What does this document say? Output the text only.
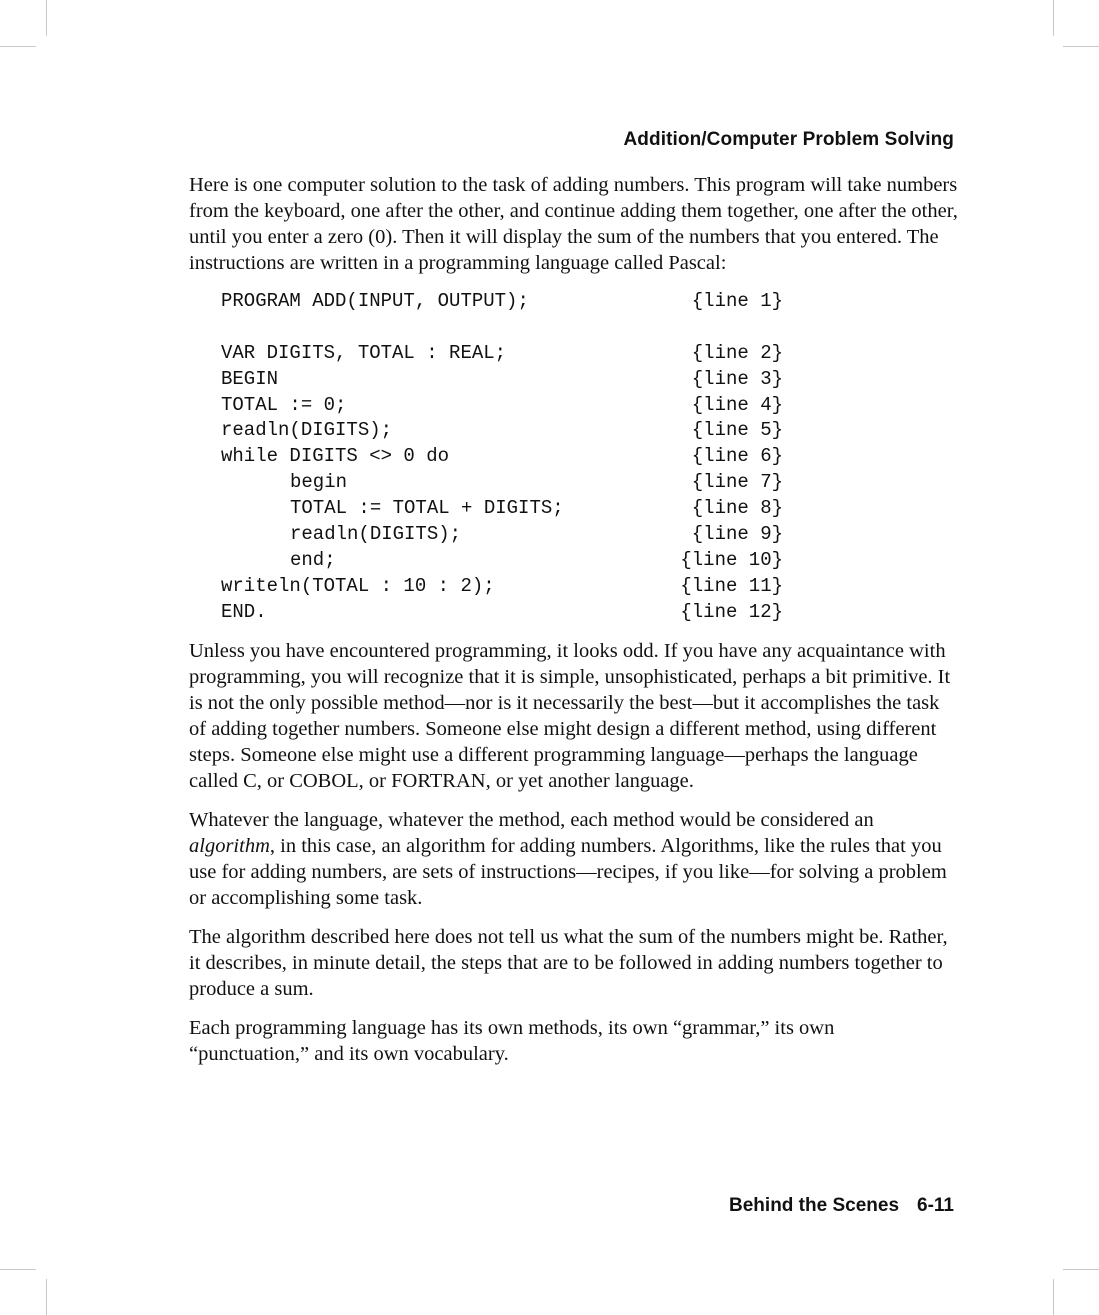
Addition/Computer Problem Solving

Here is one computer solution to the task of adding numbers. This program will take numbers from the keyboard, one after the other, and continue adding them together, one after the other, until you enter a zero (0). Then it will display the sum of the numbers that you entered. The instructions are written in a programming language called Pascal:

PROGRAM ADD(INPUT, OUTPUT);	{line 1}
VAR DIGITS, TOTAL : REAL;	{line 2}
BEGIN	{line 3}
TOTAL := 0;	{line 4}
readln(DIGITS);	{line 5}
while DIGITS <> 0 do	{line 6}
begin	{line 7}
TOTAL := TOTAL + DIGITS;	{line 8}
readln(DIGITS);	{line 9}
end;	{line 10}
writeln(TOTAL : 10 : 2);	{line 11}
END.	{line 12}

Unless you have encountered programming, it looks odd. If you have any acquaintance with programming, you will recognize that it is simple, unsophisticated, perhaps a bit primitive. It is not the only possible method—nor is it necessarily the best—but it accomplishes the task of adding together numbers. Someone else might design a different method, using different steps. Someone else might use a different programming language—perhaps the language called C, or COBOL, or FORTRAN, or yet another language.

Whatever the language, whatever the method, each method would be considered an algorithm, in this case, an algorithm for adding numbers. Algorithms, like the rules that you use for adding numbers, are sets of instructions—recipes, if you like—for solving a problem or accomplishing some task.

The algorithm described here does not tell us what the sum of the numbers might be. Rather, it describes, in minute detail, the steps that are to be followed in adding numbers together to produce a sum.

Each programming language has its own methods, its own “grammar,” its own “punctuation,” and its own vocabulary.

Behind the Scenes 6-11
